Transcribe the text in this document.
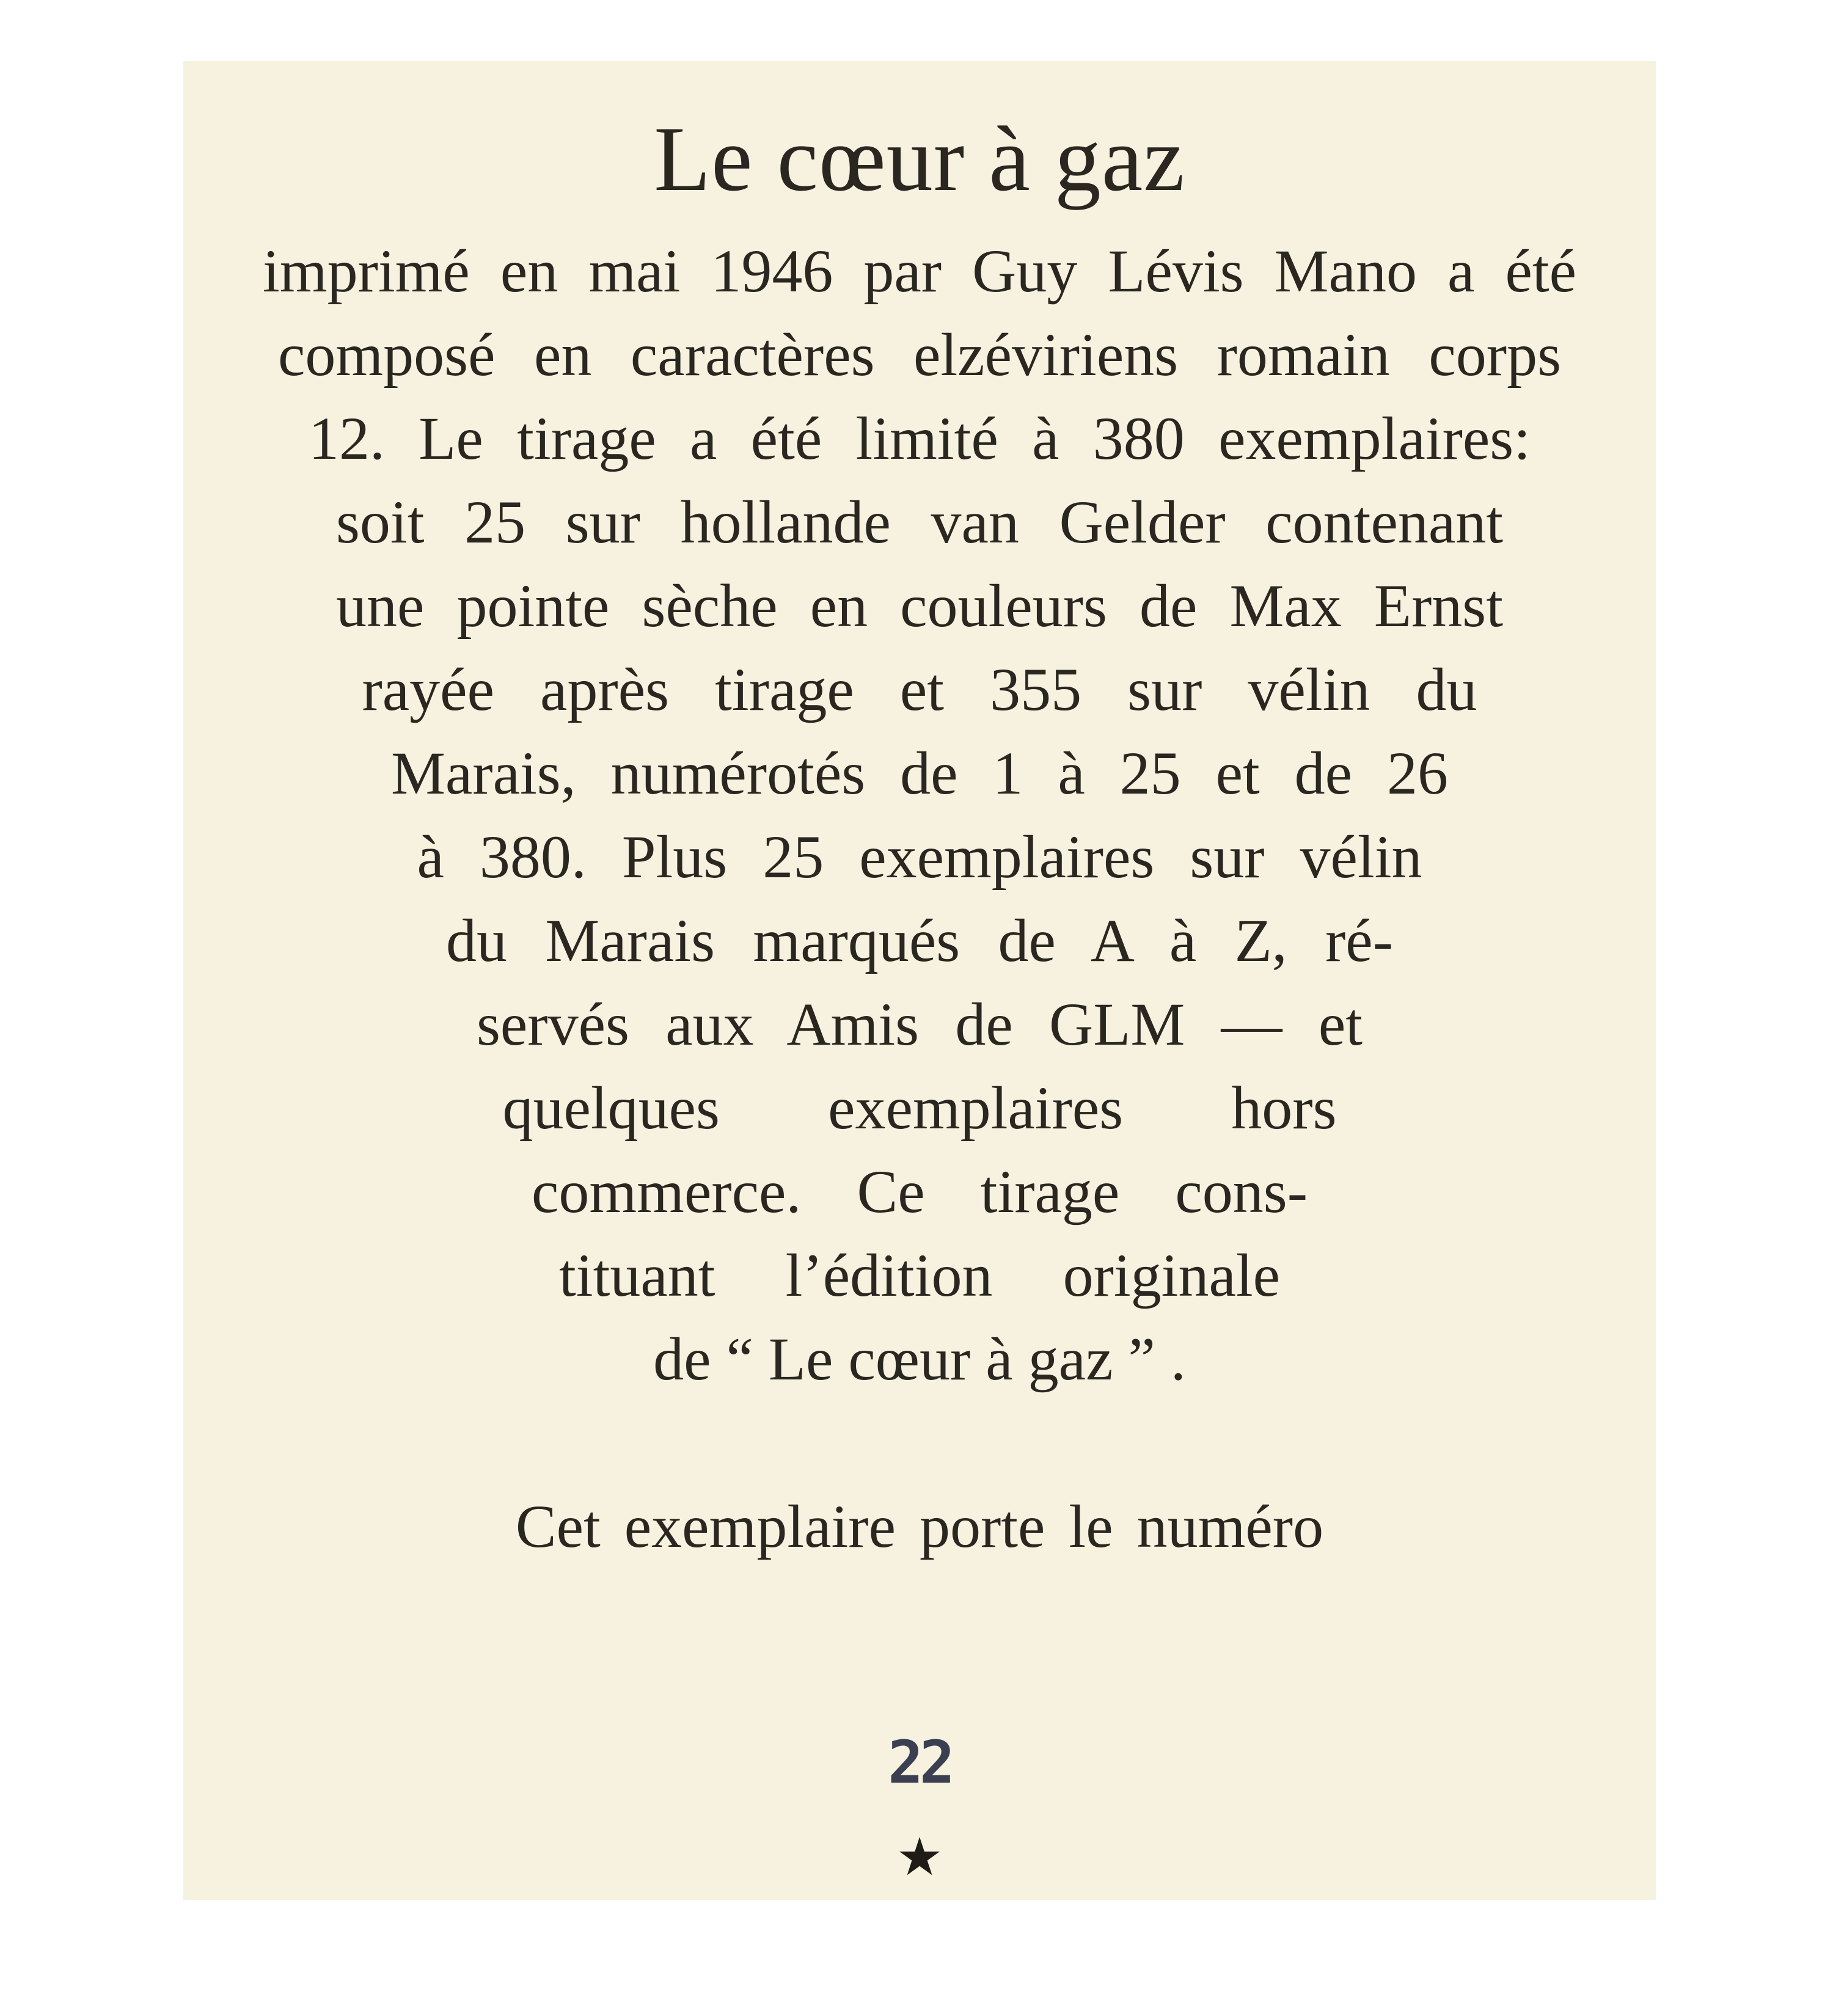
Le cœur à gaz
imprimé en mai 1946 par Guy Lévis Mano a été
composé en caractères elzéviriens romain corps
12. Le tirage a été limité à 380 exemplaires:
soit 25 sur hollande van Gelder contenant
une pointe sèche en couleurs de Max Ernst
rayée après tirage et 355 sur vélin du
Marais, numérotés de 1 à 25 et de 26
à 380. Plus 25 exemplaires sur vélin
du Marais marqués de A à Z, ré-
servés aux Amis de GLM — et
quelques exemplaires hors
commerce. Ce tirage cons-
tituant l’édition originale
de “ Le cœur à gaz ” .
Cet exemplaire porte le numéro
22
★
